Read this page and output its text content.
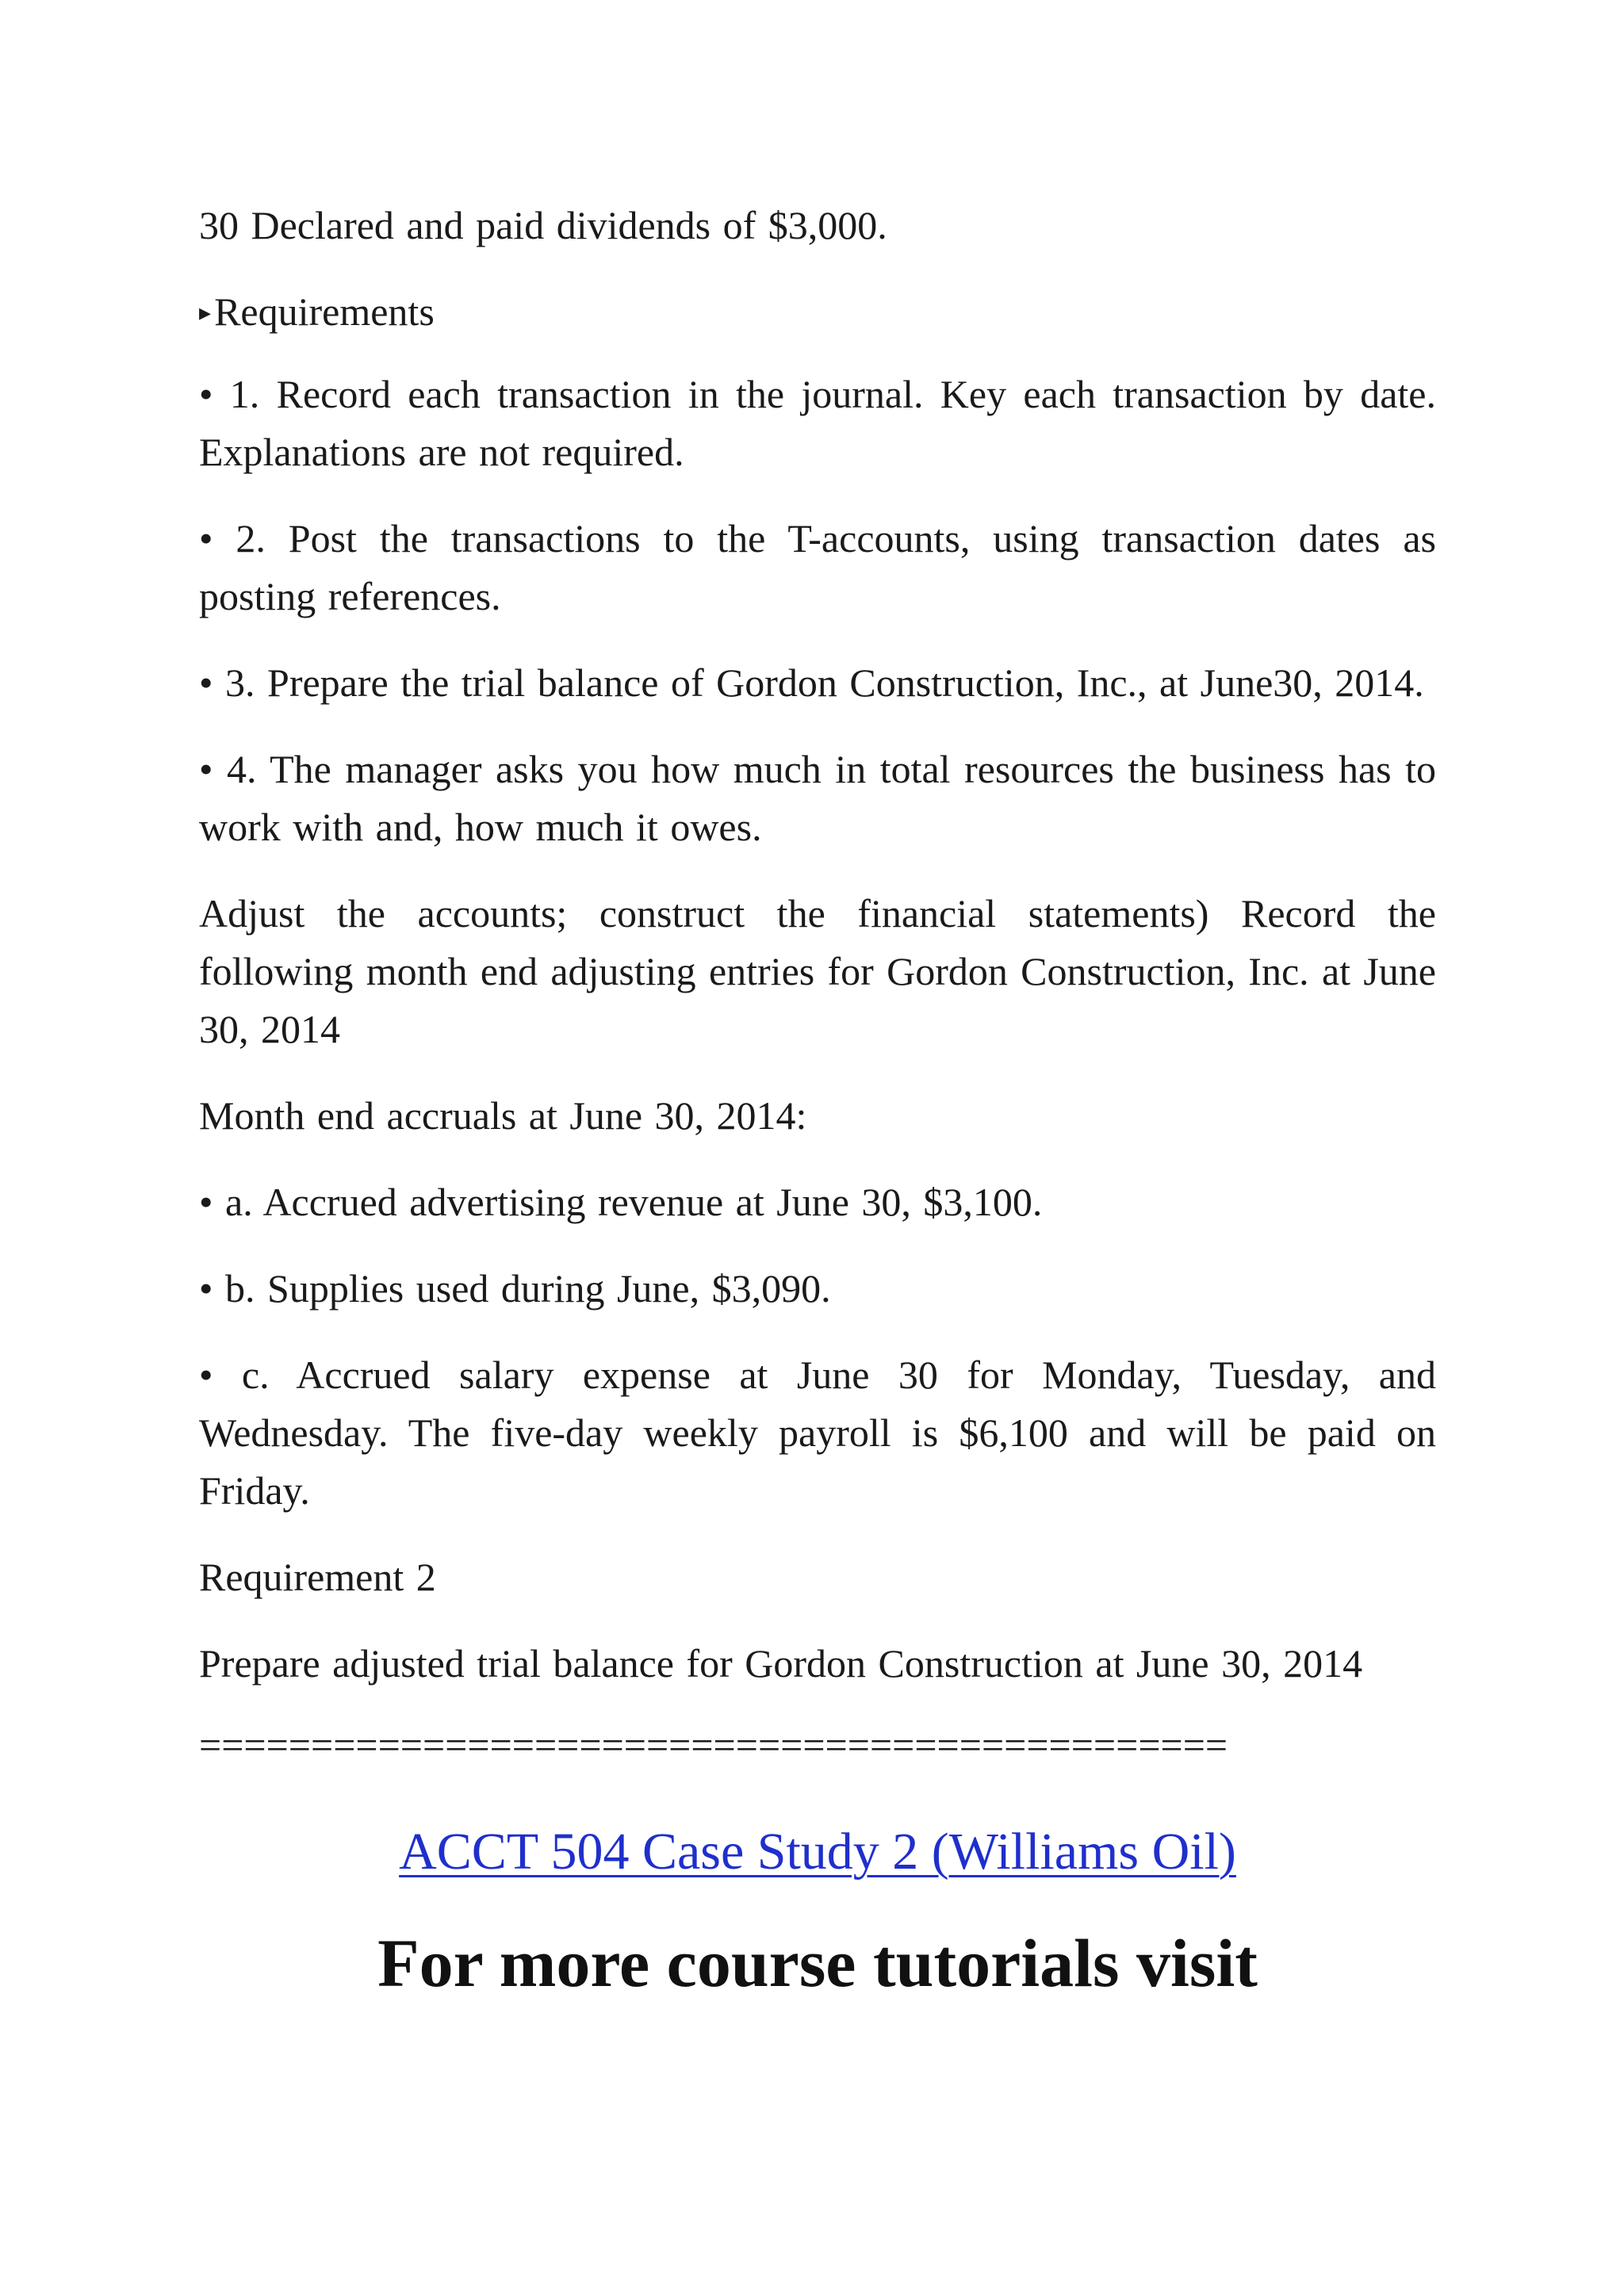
30 Declared and paid dividends of $3,000.

▸Requirements

• 1. Record each transaction in the journal. Key each transaction by date. Explanations are not required.

• 2. Post the transactions to the T-accounts, using transaction dates as posting references.

• 3. Prepare the trial balance of Gordon Construction, Inc., at June30, 2014.

• 4. The manager asks you how much in total resources the business has to work with and, how much it owes.

Adjust the accounts; construct the financial statements) Record the following month end adjusting entries for Gordon Construction, Inc. at June 30, 2014

Month end accruals at June 30, 2014:

• a. Accrued advertising revenue at June 30, $3,100.

• b. Supplies used during June, $3,090.

• c. Accrued salary expense at June 30 for Monday, Tuesday, and Wednesday. The five-day weekly payroll is $6,100 and will be paid on Friday.

Requirement 2

Prepare adjusted trial balance for Gordon Construction at June 30, 2014

==============================================
ACCT 504 Case Study 2 (Williams Oil)
For more course tutorials visit
